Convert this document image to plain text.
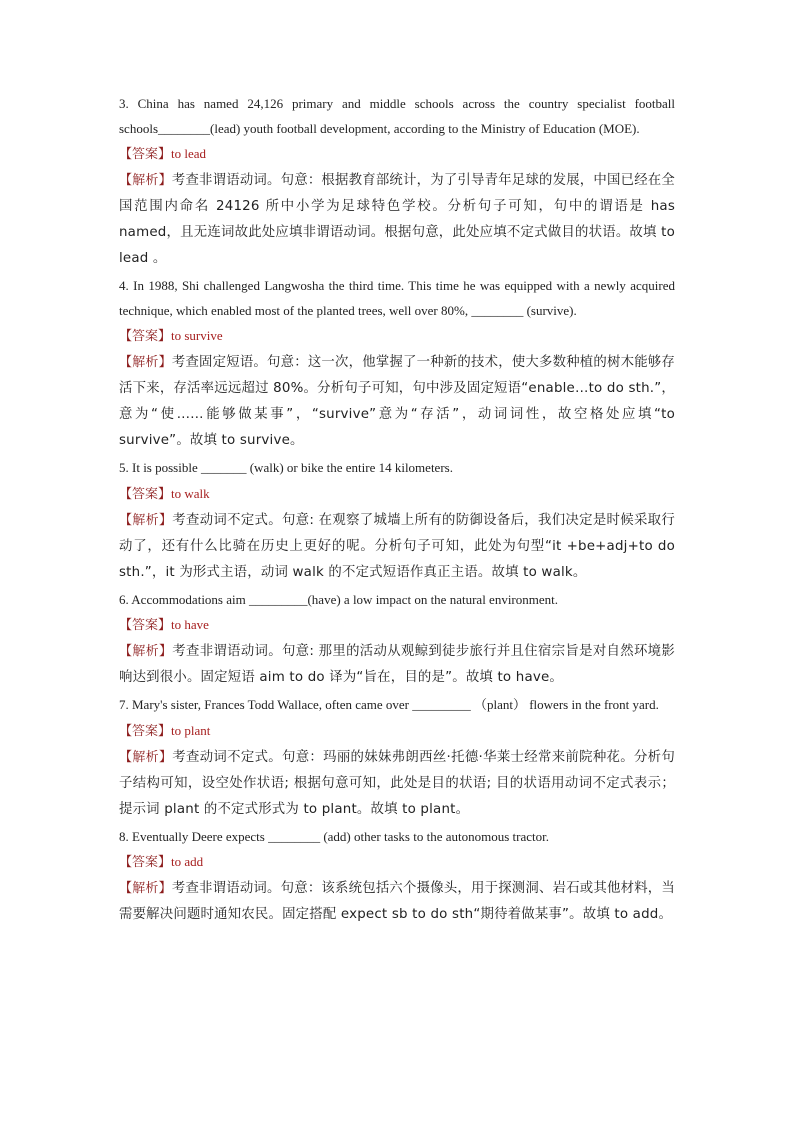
3. China has named 24,126 primary and middle schools across the country specialist football schools________(lead) youth football development, according to the Ministry of Education (MOE).

【答案】to lead

【解析】考查非谓语动词。句意：根据教育部统计，为了引导青年足球的发展，中国已经在全国范围内命名 24126 所中小学为足球特色学校。分析句子可知，句中的谓语是 has named，且无连词故此处应填非谓语动词。根据句意，此处应填不定式做目的状语。故填 to lead 。

4. In 1988, Shi challenged Langwosha the third time. This time he was equipped with a newly acquired technique, which enabled most of the planted trees, well over 80%, ________ (survive).

【答案】to survive

【解析】考查固定短语。句意：这一次，他掌握了一种新的技术，使大多数种植的树木能够存活下来，存活率远远超过 80%。分析句子可知，句中涉及固定短语“enable…to do sth.”，意为“使……能够做某事”，“survive”意为“存活”，动词词性，故空格处应填“to survive”。故填 to survive。

5. It is possible _______ (walk) or bike the entire 14 kilometers.

【答案】to walk

【解析】考查动词不定式。句意: 在观察了城墙上所有的防御设备后，我们决定是时候采取行动了，还有什么比骑在历史上更好的呢。分析句子可知，此处为句型“it +be+adj+to do sth.”，it 为形式主语，动词 walk 的不定式短语作真正主语。故填 to walk。

6. Accommodations aim _________(have) a low impact on the natural environment.

【答案】to have

【解析】考查非谓语动词。句意: 那里的活动从观鲸到徒步旅行并且住宿宗旨是对自然环境影响达到很小。固定短语 aim to do 译为“旨在，目的是”。故填 to have。

7. Mary's sister, Frances Todd Wallace, often came over _________ （plant） flowers in the front yard.

【答案】to plant

【解析】考查动词不定式。句意：玛丽的妹妹弗朗西丝·托德·华莱士经常来前院种花。分析句子结构可知，设空处作状语; 根据句意可知，此处是目的状语; 目的状语用动词不定式表示；提示词 plant 的不定式形式为 to plant。故填 to plant。

8. Eventually Deere expects ________ (add) other tasks to the autonomous tractor.

【答案】to add

【解析】考查非谓语动词。句意：该系统包括六个摄像头，用于探测洞、岩石或其他材料，当需要解决问题时通知农民。固定搭配 expect sb to do sth“期待着做某事”。故填 to add。
